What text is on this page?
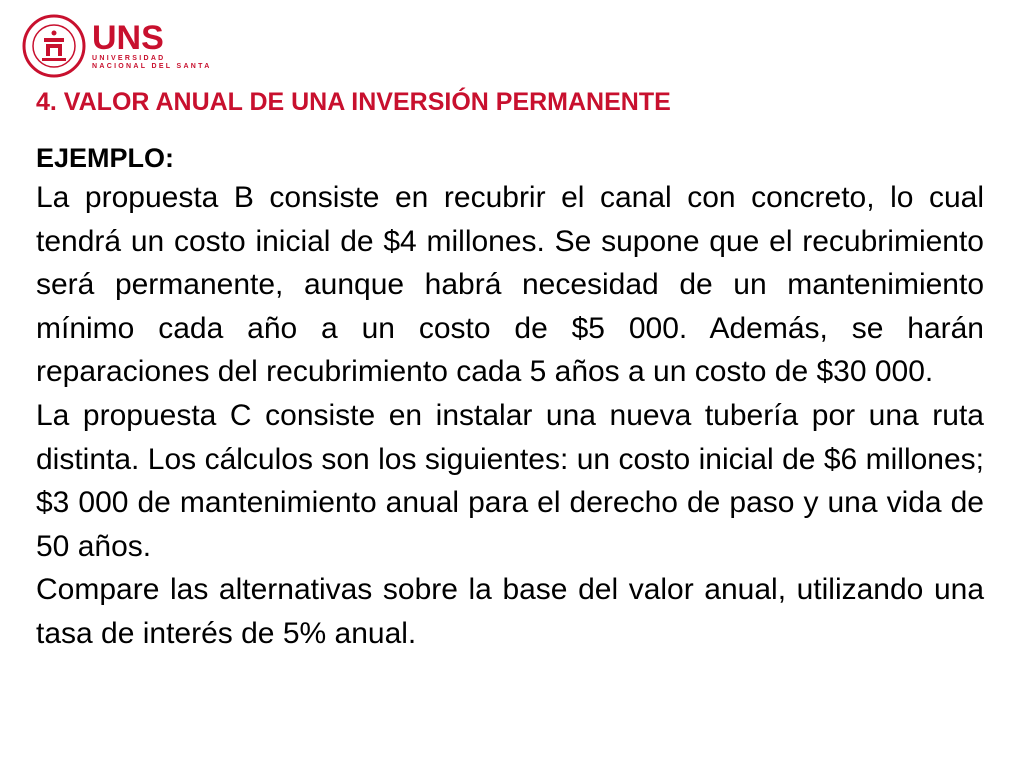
UNS
UNIVERSIDAD
NACIONAL DEL SANTA
4. VALOR ANUAL DE UNA INVERSIÓN PERMANENTE
EJEMPLO:

La propuesta B consiste en recubrir el canal con concreto, lo cual tendrá un costo inicial de $4 millones. Se supone que el recubrimiento será permanente, aunque habrá necesidad de un mantenimiento mínimo cada año a un costo de $5 000. Además, se harán reparaciones del recubrimiento cada 5 años a un costo de $30 000.

La propuesta C consiste en instalar una nueva tubería por una ruta distinta. Los cálculos son los siguientes: un costo inicial de $6 millones; $3 000 de mantenimiento anual para el derecho de paso y una vida de 50 años.

Compare las alternativas sobre la base del valor anual, utilizando una tasa de interés de 5% anual.
